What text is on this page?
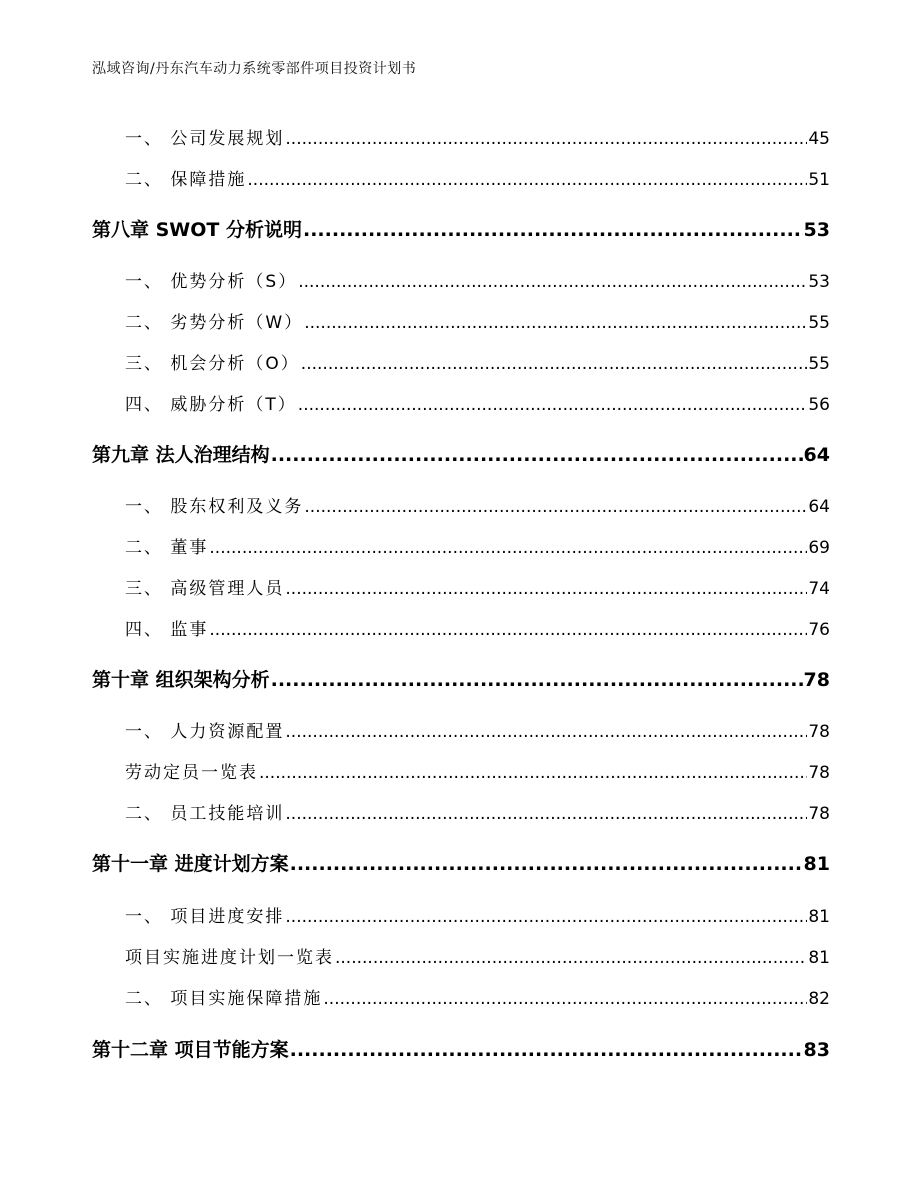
泓域咨询/丹东汽车动力系统零部件项目投资计划书
一、 公司发展规划 .....	45
二、 保障措施 .....	51
第八章 SWOT 分析说明 .....	53
一、 优势分析（S） .....	53
二、 劣势分析（W） .....	55
三、 机会分析（O） .....	55
四、 威胁分析（T） .....	56
第九章 法人治理结构 .....	64
一、 股东权利及义务 .....	64
二、 董事 .....	69
三、 高级管理人员 .....	74
四、 监事 .....	76
第十章 组织架构分析 .....	78
一、 人力资源配置 .....	78
劳动定员一览表 .....	78
二、 员工技能培训 .....	78
第十一章 进度计划方案 .....	81
一、 项目进度安排 .....	81
项目实施进度计划一览表 .....	81
二、 项目实施保障措施 .....	82
第十二章 项目节能方案 .....	83
